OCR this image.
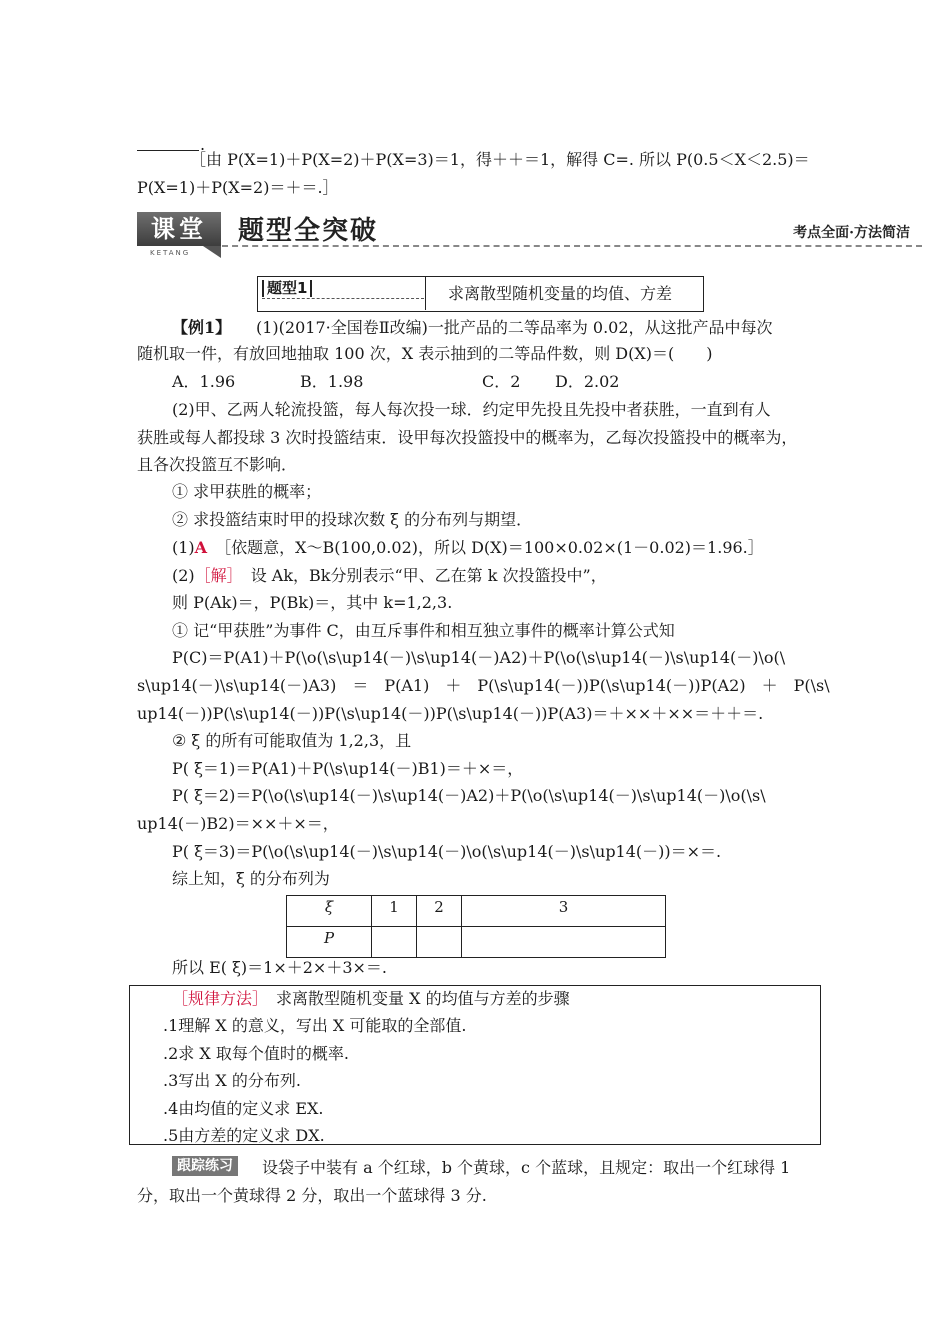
.
［由 P(X=1)＋P(X=2)＋P(X=3)＝1，得＋＋＝1，解得 C=. 所以 P(0.5＜X＜2.5)＝
P(X=1)＋P(X=2)＝＋＝.］
课堂
KETANG
题型全突破	考点全面·方法简洁
题型1	求离散型随机变量的均值、方差
【例1】 (1)(2017·全国卷Ⅱ改编)一批产品的二等品率为 0.02，从这批产品中每次
随机取一件，有放回地抽取 100 次，X 表示抽到的二等品件数，则 D(X)＝(　　)
A．1.96	B．1.98	C．2 D．2.02
(2)甲、乙两人轮流投篮，每人每次投一球．约定甲先投且先投中者获胜，一直到有人
获胜或每人都投球 3 次时投篮结束．设甲每次投篮投中的概率为，乙每次投篮投中的概率为，
且各次投篮互不影响．
① 求甲获胜的概率；
② 求投篮结束时甲的投球次数 ξ 的分布列与期望．
(1)A　 ［依题意，X～B(100,0.02)，所以 D(X)＝100×0.02×(1－0.02)＝1.96.］
(2)［解］　 设 Ak，Bk分别表示“甲、乙在第 k 次投篮投中”，
则 P(Ak)＝，P(Bk)＝，其中 k=1,2,3.
① 记“甲获胜”为事件 C，由互斥事件和相互独立事件的概率计算公式知
P(C)＝P(A1)＋P(\o(\s\up14(－)\s\up14(－)A2)＋P(\o(\s\up14(－)\s\up14(－)\o(\
s\up14(－)\s\up14(－)A3)　＝　P(A1)　＋　P(\s\up14(－))P(\s\up14(－))P(A2)　＋　P(\s\
up14(－))P(\s\up14(－))P(\s\up14(－))P(\s\up14(－))P(A3)＝＋××＋××＝＋＋＝.
② ξ 的所有可能取值为 1,2,3，且
P( ξ＝1)＝P(A1)＋P(\s\up14(－)B1)＝＋×＝，
P( ξ＝2)＝P(\o(\s\up14(－)\s\up14(－)A2)＋P(\o(\s\up14(－)\s\up14(－)\o(\s\
up14(－)B2)＝××＋×＝，
P( ξ＝3)＝P(\o(\s\up14(－)\s\up14(－)\o(\s\up14(－)\s\up14(－))＝×＝.
综上知，ξ 的分布列为
ξ	1	2	3
P			
所以 E( ξ)＝1×＋2×＋3×＝.
［规律方法］　 求离散型随机变量 X 的均值与方差的步骤
.1理解 X 的意义，写出 X 可能取的全部值.
.2求 X 取每个值时的概率.
.3写出 X 的分布列.
.4由均值的定义求 EX.
.5由方差的定义求 DX.
跟踪练习	设袋子中装有 a 个红球，b 个黄球，c 个蓝球，且规定：取出一个红球得 1
分，取出一个黄球得 2 分，取出一个蓝球得 3 分.
